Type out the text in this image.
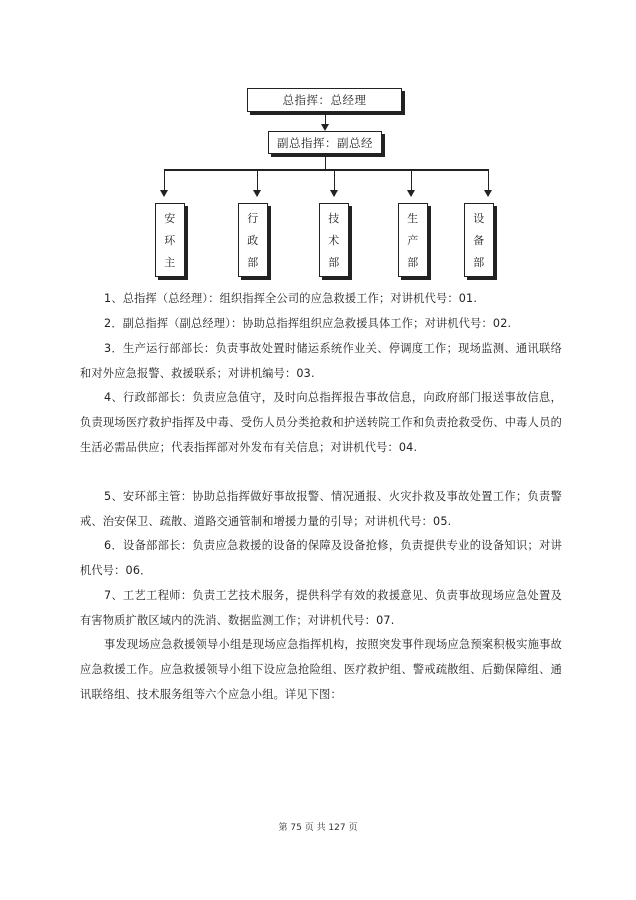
总指挥：总经理
副总指挥：副总经
安
环
主
行
政
部
技
术
部
生
产
部
设
备
部

1、总指挥（总经理）：组织指挥全公司的应急救援工作；对讲机代号：01.

2．副总指挥（副总经理）：协助总指挥组织应急救援具体工作；对讲机代号：02.

3．生产运行部部长：负责事故处置时储运系统作业关、停调度工作；现场监测、通讯联络和对外应急报警、救援联系；对讲机编号：03.

4、行政部部长：负责应急值守，及时向总指挥报告事故信息，向政府部门报送事故信息，负责现场医疗救护指挥及中毒、受伤人员分类抢救和护送转院工作和负责抢救受伤、中毒人员的生活必需品供应；代表指挥部对外发布有关信息；对讲机代号：04.

5、安环部主管：协助总指挥做好事故报警、情况通报、火灾扑救及事故处置工作；负责警戒、治安保卫、疏散、道路交通管制和增援力量的引导；对讲机代号：05.

6．设备部部长：负责应急救援的设备的保障及设备抢修，负责提供专业的设备知识；对讲机代号：06．

7、工艺工程师：负责工艺技术服务，提供科学有效的救援意见、负责事故现场应急处置及有害物质扩散区域内的洗消、数据监测工作；对讲机代号：07.

事发现场应急救援领导小组是现场应急指挥机构，按照突发事件现场应急预案积极实施事故应急救援工作。应急救援领导小组下设应急抢险组、医疗救护组、警戒疏散组、后勤保障组、通讯联络组、技术服务组等六个应急小组。详见下图：

第 75 页 共 127 页
